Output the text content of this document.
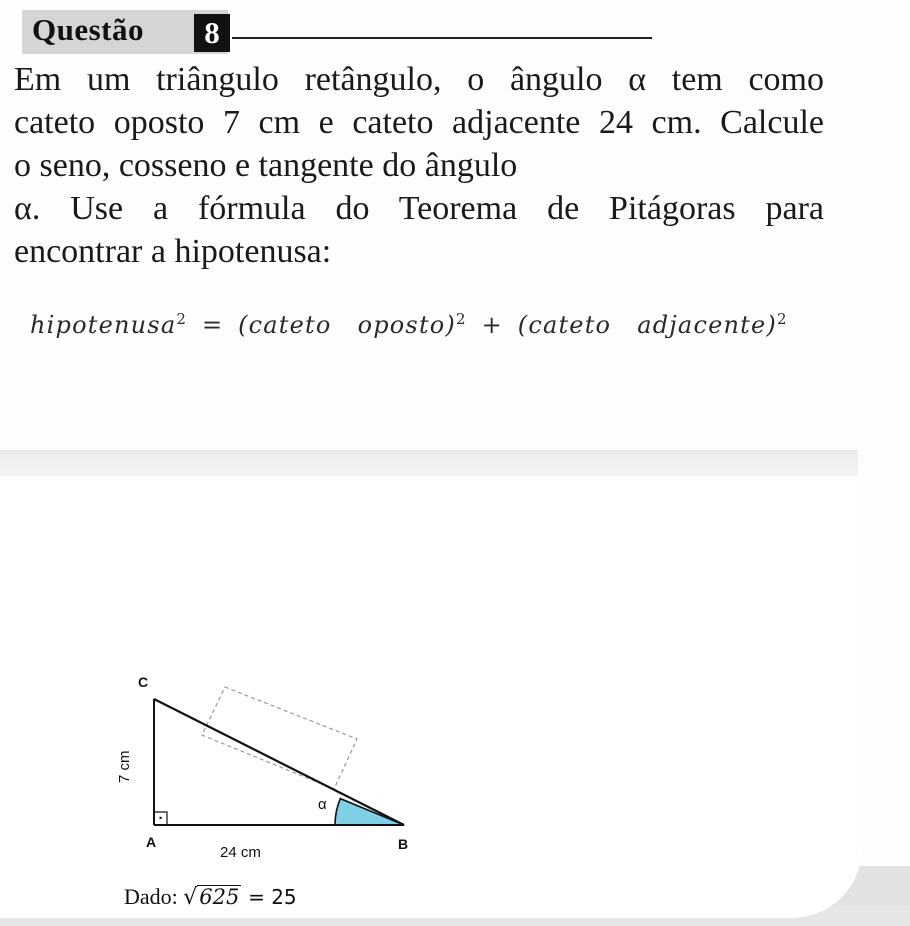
Questão	8
Em um triângulo retângulo, o ângulo α tem como
cateto oposto 7 cm e cateto adjacente 24 cm. Calcule
o seno, cosseno e tangente do ângulo
α. Use a fórmula do Teorema de Pitágoras para
encontrar a hipotenusa:
hipotenusa$^2$ = (cateto oposto)$^2$ + (cateto adjacente)$^2$
·
C
A	B
24 cm
7 cm
α
Dado: √625 = 25
